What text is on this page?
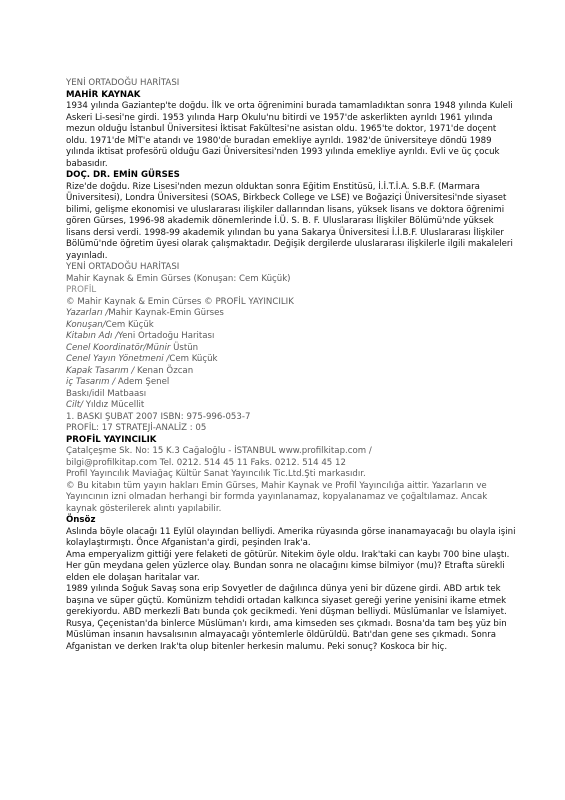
YENİ ORTADOĞU HARİTASI
MAHİR KAYNAK
1934 yılında Gaziantep'te doğdu. İlk ve orta öğrenimini burada tamamladıktan sonra 1948 yılında Kuleli Askeri Li-sesi'ne girdi. 1953 yılında Harp Okulu'nu bitirdi ve 1957'de askerlikten ayrıldı 1961 yılında mezun olduğu İstanbul Üniversitesi İktisat Fakültesi'ne asistan oldu. 1965'te doktor, 1971'de doçent oldu. 1971'de MİT'e atandı ve 1980'de buradan emekliye ayrıldı. 1982'de üniversiteye döndü 1989 yılında iktisat profesörü olduğu Gazi Üniversitesi'nden 1993 yılında emekliye ayrıldı. Evli ve üç çocuk babasıdır.
DOÇ. DR. EMİN GÜRSES
Rize'de doğdu. Rize Lisesi'nden mezun olduktan sonra Eğitim Enstitüsü, İ.İ.T.İ.A. S.B.F. (Marmara Üniversitesi), Londra Üniversitesi (SOAS, Birkbeck College ve LSE) ve Boğaziçi Üniversitesi'nde siyaset bilimi, gelişme ekonomisi ve uluslararası ilişkiler dallarından lisans, yüksek lisans ve doktora öğrenimi gören Gürses, 1996-98 akademik dönemlerinde İ.Ü. S. B. F. Uluslararası İlişkiler Bölümü'nde yüksek lisans dersi verdi. 1998-99 akademik yılından bu yana Sakarya Üniversitesi İ.İ.B.F. Uluslararası İlişkiler Bölümü'nde öğretim üyesi olarak çalışmaktadır. Değişik dergilerde uluslararası ilişkilerle ilgili makaleleri yayınladı.
YENİ ORTADOĞU HARİTASI
Mahir Kaynak & Emin Gürses (Konuşan: Cem Küçük)
PROFİL
© Mahir Kaynak & Emin Cürses © PROFİL YAYINCILIK
Yazarları /Mahir Kaynak-Emin Gürses
Konuşan/Cem Küçük
Kitabın Adı /Yeni Ortadoğu Haritası
Cenel Koordinatör/Münir Üstün
Cenel Yayın Yönetmeni /Cem Küçük
Kapak Tasarım / Kenan Özcan
iç Tasarım / Adem Şenel
Baskı/idil Matbaası
Cilt/ Yıldız Mücellit
1. BASKI ŞUBAT 2007 ISBN: 975-996-053-7
PROFİL: 17 STRATEJİ-ANALİZ : 05
PROFİL YAYINCILIK
Çatalçeşme Sk. No: 15 K.3 Cağaloğlu - İSTANBUL www.profilkitap.com /
bilgi@profilkitap.com Tel. 0212. 514 45 11 Faks. 0212. 514 45 12
Profil Yayıncılık Maviağaç Kültür Sanat Yayıncılık Tic.Ltd.Şti markasıdır.
© Bu kitabın tüm yayın hakları Emin Gürses, Mahir Kaynak ve Profil Yayıncılığa aittir. Yazarların ve Yayıncının izni olmadan herhangi bir formda yayınlanamaz, kopyalanamaz ve çoğaltılamaz. Ancak kaynak gösterilerek alıntı yapılabilir.
Önsöz
Aslında böyle olacağı 11 Eylül olayından belliydi. Amerika rüyasında görse inanamayacağı bu olayla işini kolaylaştırmıştı. Önce Afganistan'a girdi, peşinden Irak'a.
Ama emperyalizm gittiği yere felaketi de götürür. Nitekim öyle oldu. Irak'taki can kaybı 700 bine ulaştı. Her gün meydana gelen yüzlerce olay. Bundan sonra ne olacağını kimse bilmiyor (mu)? Etrafta sürekli elden ele dolaşan haritalar var.
1989 yılında Soğuk Savaş sona erip Sovyetler de dağılınca dünya yeni bir düzene girdi. ABD artık tek başına ve süper güçtü. Komünizm tehdidi ortadan kalkınca siyaset gereği yerine yenisini ikame etmek gerekiyordu. ABD merkezli Batı bunda çok gecikmedi. Yeni düşman belliydi. Müslümanlar ve İslamiyet. Rusya, Çeçenistan'da binlerce Müslüman'ı kırdı, ama kimseden ses çıkmadı. Bosna'da tam beş yüz bin Müslüman insanın havsalısının almayacağı yöntemlerle öldürüldü. Batı'dan gene ses çıkmadı. Sonra Afganistan ve derken Irak'ta olup bitenler herkesin malumu. Peki sonuç? Koskoca bir hiç.
